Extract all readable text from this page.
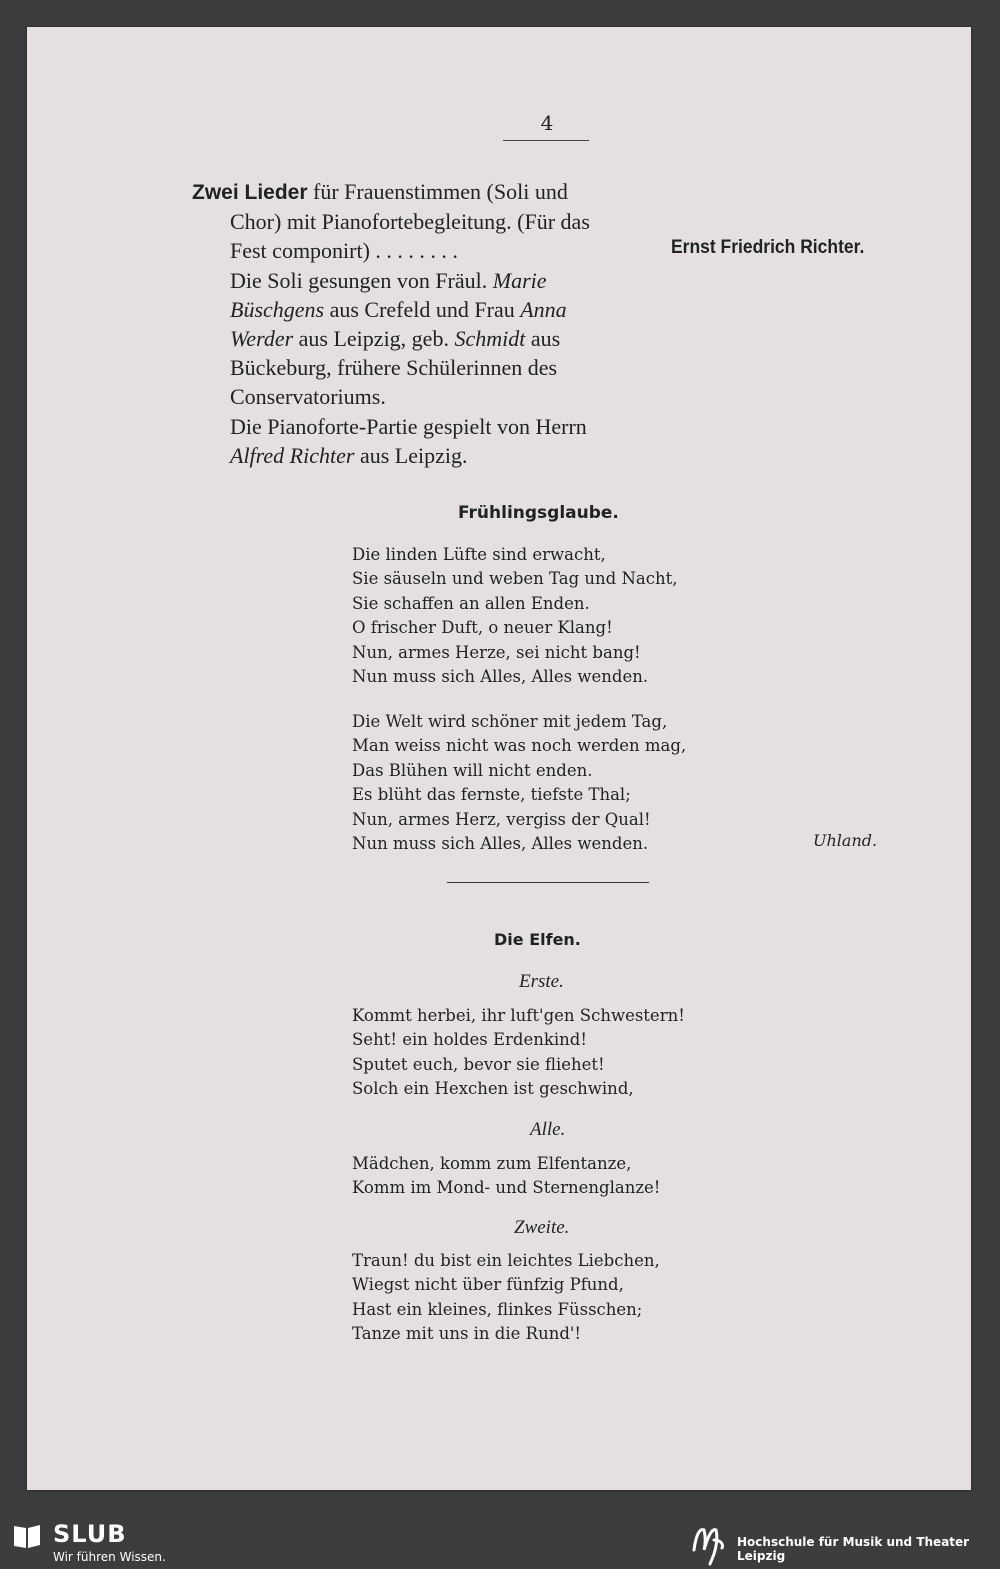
4

Zwei Lieder für Frauenstimmen (Soli und
Chor) mit Pianofortebegleitung. (Für das
Fest componirt) . . . . . . . .

Die Soli gesungen von Fräul. Marie
Büschgens aus Crefeld und Frau Anna
Werder aus Leipzig, geb. Schmidt aus
Bückeburg, frühere Schülerinnen des
Conservatoriums.

Die Pianoforte-Partie gespielt von Herrn
Alfred Richter aus Leipzig.

Ernst Friedrich Richter.
Frühlingsglaube.
Die linden Lüfte sind erwacht,
Sie säuseln und weben Tag und Nacht,
Sie schaffen an allen Enden.
O frischer Duft, o neuer Klang!
Nun, armes Herze, sei nicht bang!
Nun muss sich Alles, Alles wenden.
Die Welt wird schöner mit jedem Tag,
Man weiss nicht was noch werden mag,
Das Blühen will nicht enden.
Es blüht das fernste, tiefste Thal;
Nun, armes Herz, vergiss der Qual!
Nun muss sich Alles, Alles wenden.	Uhland.
Die Elfen.
Erste.
Kommt herbei, ihr luft'gen Schwestern!
Seht! ein holdes Erdenkind!
Sputet euch, bevor sie fliehet!
Solch ein Hexchen ist geschwind,
Alle.
Mädchen, komm zum Elfentanze,
Komm im Mond- und Sternenglanze!
Zweite.
Traun! du bist ein leichtes Liebchen,
Wiegst nicht über fünfzig Pfund,
Hast ein kleines, flinkes Füsschen;
Tanze mit uns in die Rund'!
SLUB
Wir führen Wissen.
Hochschule für Musik und Theater Leipzig
